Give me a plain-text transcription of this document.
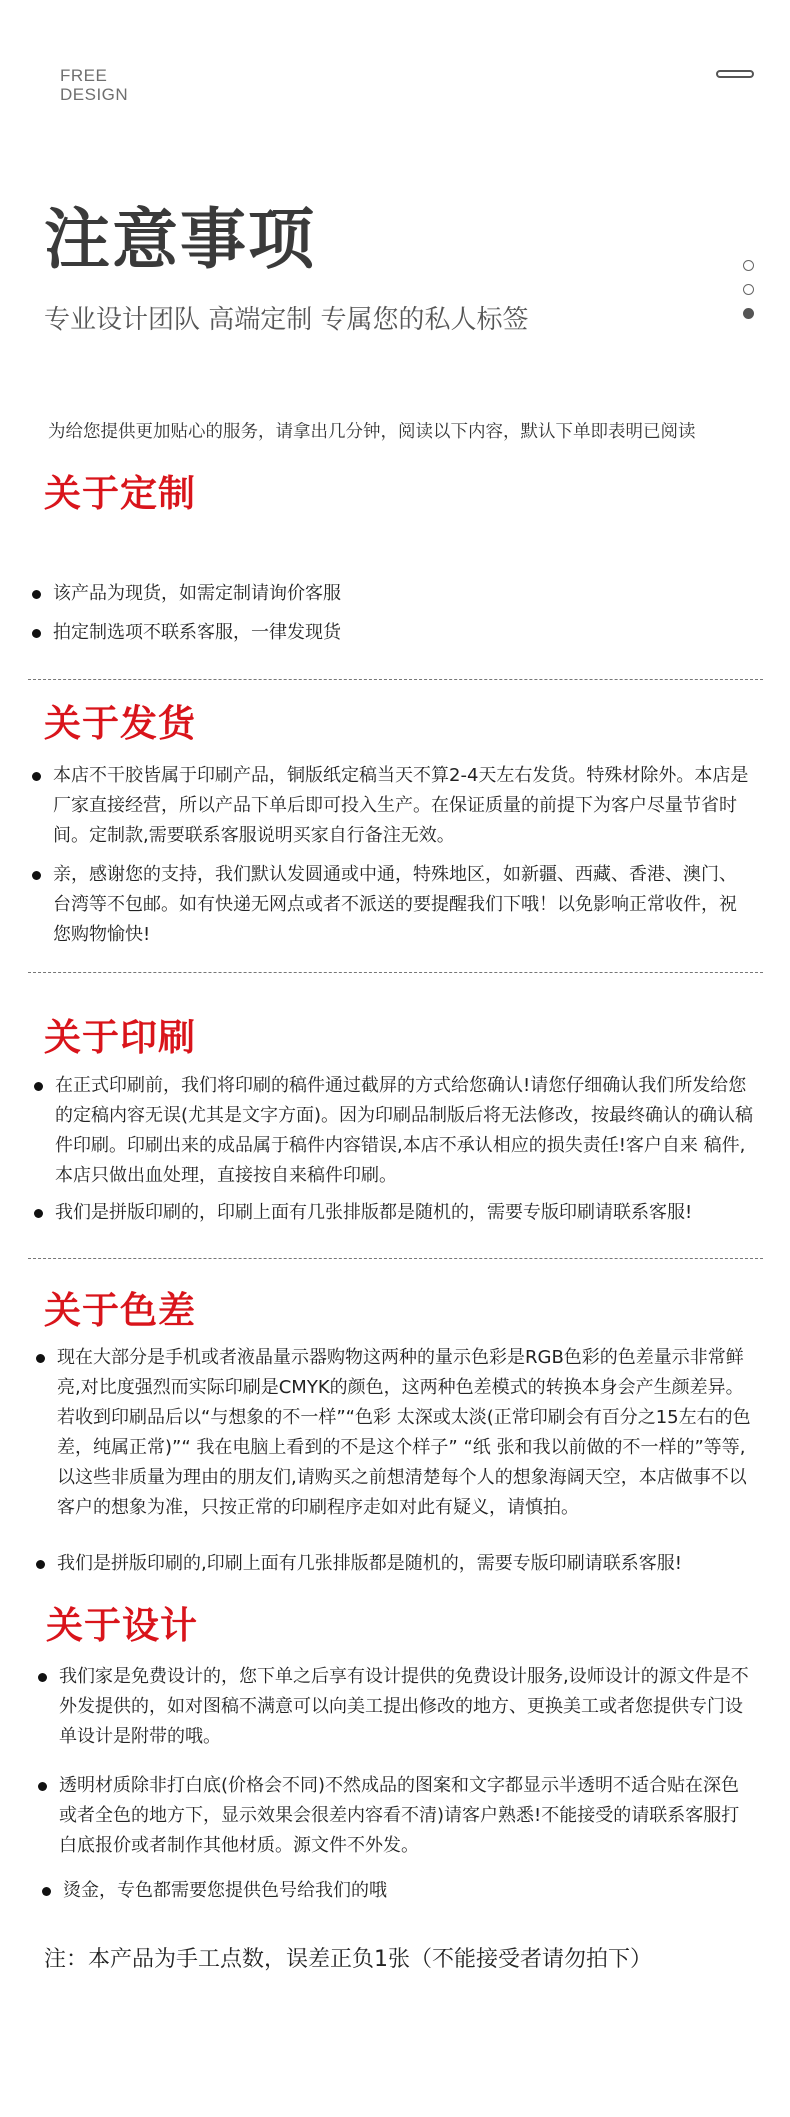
FREE
DESIGN
注意事项

专业设计团队 高端定制 专属您的私人标签

为给您提供更加贴心的服务，请拿出几分钟，阅读以下内容，默认下单即表明已阅读

关于定制
该产品为现货，如需定制请询价客服
拍定制选项不联系客服，一律发现货
关于发货
本店不干胶皆属于印刷产品，铜版纸定稿当天不算2-4天左右发货。特殊材除外。本店是厂家直接经营，所以产品下单后即可投入生产。在保证质量的前提下为客户尽量节省时间。定制款,需要联系客服说明买家自行备注无效。
亲，感谢您的支持，我们默认发圆通或中通，特殊地区，如新疆、西藏、香港、澳门、台湾等不包邮。如有快递无网点或者不派送的要提醒我们下哦！以免影响正常收件，祝您购物愉快!
关于印刷
在正式印刷前，我们将印刷的稿件通过截屏的方式给您确认!请您仔细确认我们所发给您的定稿内容无误(尤其是文字方面)。因为印刷品制版后将无法修改，按最终确认的确认稿件印刷。印刷出来的成品属于稿件内容错误,本店不承认相应的损失责任!客户自来 稿件,本店只做出血处理，直接按自来稿件印刷。
我们是拼版印刷的，印刷上面有几张排版都是随机的，需要专版印刷请联系客服!
关于色差
现在大部分是手机或者液晶量示器购物这两种的量示色彩是RGB色彩的色差量示非常鲜亮,对比度强烈而实际印刷是CMYK的颜色，这两种色差模式的转换本身会产生颜差异。若收到印刷品后以“与想象的不一样”“色彩 太深或太淡(正常印刷会有百分之15左右的色差，纯属正常)”“ 我在电脑上看到的不是这个样子” “纸 张和我以前做的不一样的”等等,以这些非质量为理由的朋友们,请购买之前想清楚每个人的想象海阔天空，本店做事不以客户的想象为准，只按正常的印刷程序走如对此有疑义，请慎拍。
我们是拼版印刷的,印刷上面有几张排版都是随机的，需要专版印刷请联系客服!
关于设计
我们家是免费设计的，您下单之后享有设计提供的免费设计服务,设师设计的源文件是不外发提供的，如对图稿不满意可以向美工提出修改的地方、更换美工或者您提供专门设单设计是附带的哦。
透明材质除非打白底(价格会不同)不然成品的图案和文字都显示半透明不适合贴在深色或者全色的地方下，显示效果会很差内容看不清)请客户熟悉!不能接受的请联系客服打白底报价或者制作其他材质。源文件不外发。
烫金，专色都需要您提供色号给我们的哦

注：本产品为手工点数，误差正负1张（不能接受者请勿拍下）
